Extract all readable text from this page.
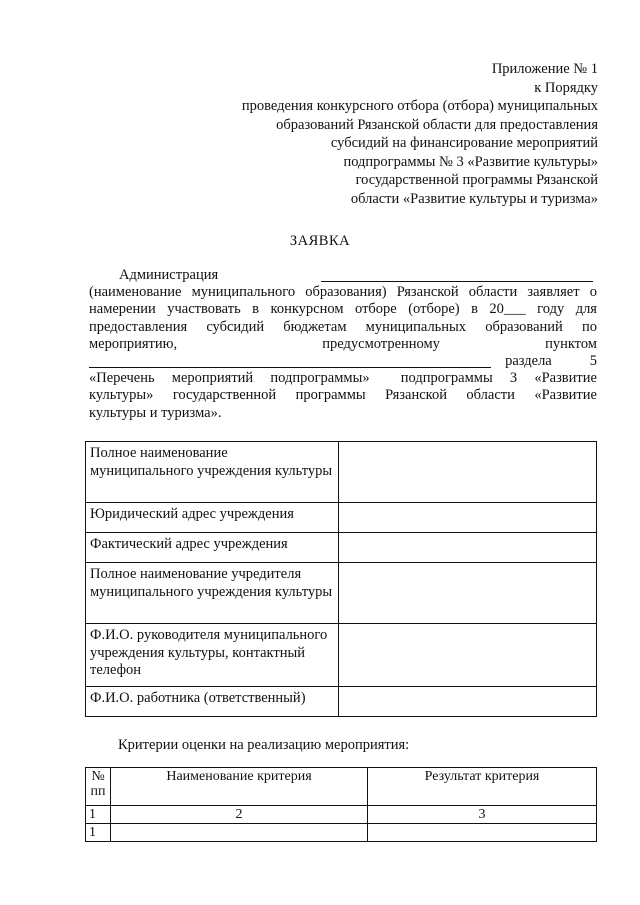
Приложение № 1
к Порядку
проведения конкурсного отбора (отбора) муниципальных
образований Рязанской области для предоставления
субсидий на финансирование мероприятий
подпрограммы № 3 «Развитие культуры»
государственной программы Рязанской
области «Развитие культуры и туризма»
ЗАЯВКА
Администрация
(наименование муниципального образования) Рязанской области заявляет о
намерении участвовать в конкурсном отборе (отборе) в 20___ году для
предоставления субсидий бюджетам муниципальных образований по
мероприятию,	предусмотренному	пунктом
раздела	5
«Перечень мероприятий подпрограммы» подпрограммы 3 «Развитие
культуры» государственной программы Рязанской области «Развитие
культуры и туризма».
Полное наименование муниципального учреждения культуры	
Юридический адрес учреждения	
Фактический адрес учреждения	
Полное наименование учредителя муниципального учреждения культуры	
Ф.И.О. руководителя муниципального учреждения культуры, контактный телефон	
Ф.И.О. работника (ответственный)	
Критерии оценки на реализацию мероприятия:
№ пп	Наименование критерия	Результат критерия
1	2	3
1		
